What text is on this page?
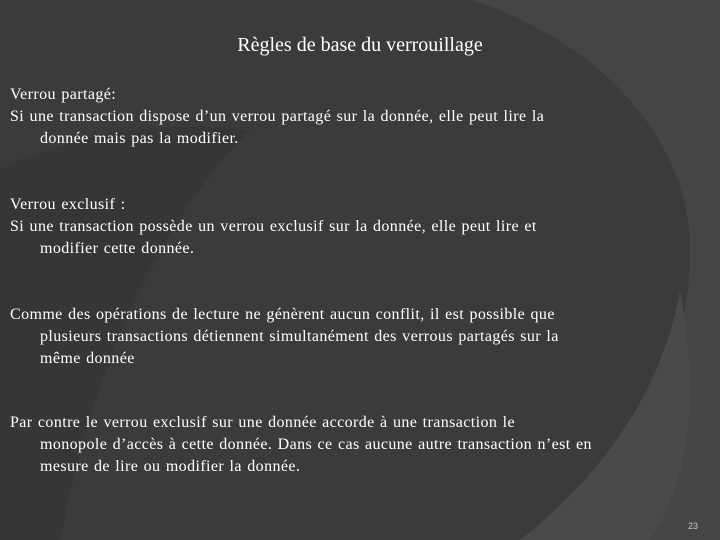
Règles de base du verrouillage
Verrou partagé:
Si une transaction dispose d’un verrou partagé sur la donnée, elle peut lire la
donnée mais pas la modifier.
Verrou exclusif :
Si une transaction possède un verrou exclusif sur la donnée, elle peut lire et
modifier cette donnée.
Comme des opérations de lecture ne génèrent aucun conflit, il est possible que
plusieurs transactions détiennent simultanément des verrous partagés sur la
même donnée
Par contre le verrou exclusif sur une donnée accorde à une transaction le
monopole d’accès à cette donnée. Dans ce cas aucune autre transaction n’est en
mesure de lire ou modifier la donnée.
23
